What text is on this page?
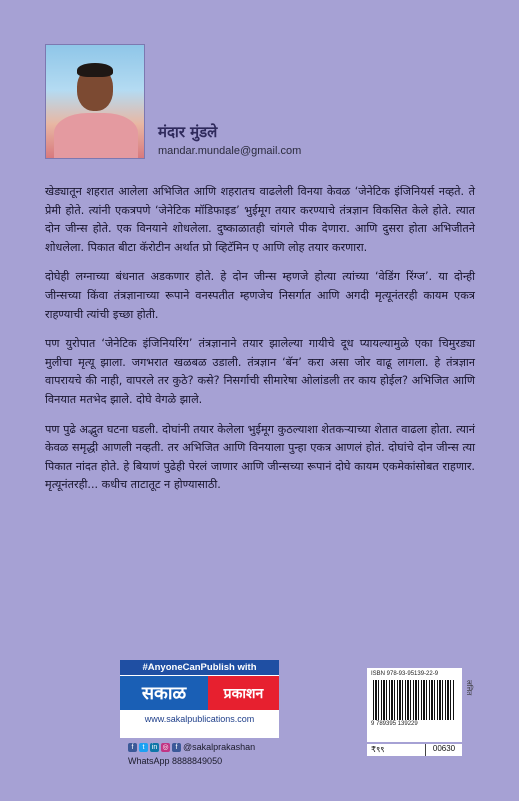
मंदार मुंडले
mandar.mundale@gmail.com

खेड्यातून शहरात आलेला अभिजित आणि शहरातच वाढलेली विनया केवळ ‘जेनेटिक इंजिनियर्स नव्हते. ते प्रेमी होते. त्यांनी एकत्रपणे ‘जेनेटिक मॉडिफाइड’ भुईमूग तयार करण्याचे तंत्रज्ञान विकसित केले होते. त्यात दोन जीन्स होते. एक विनयाने शोधलेला. दुष्काळातही चांगले पीक देणारा. आणि दुसरा होता अभिजीतने शोधलेला. पिकात बीटा कॅरोटीन अर्थात प्रो व्हिटॅमिन ए आणि लोह तयार करणारा.

दोघेही लग्नाच्या बंधनात अडकणार होते. हे दोन जीन्स म्हणजे होत्या त्यांच्या ‘वेडिंग रिंग्ज’. या दोन्ही जीन्सच्या किंवा तंत्रज्ञानाच्या रूपाने वनस्पतीत म्हणजेच निसर्गात आणि अगदी मृत्यूनंतरही कायम एकत्र राहण्याची त्यांची इच्छा होती.

पण युरोपात ‘जेनेटिक इंजिनियरिंग’ तंत्रज्ञानाने तयार झालेल्या गायीचे दूध प्यायल्यामुळे एका चिमुरड्या मुलीचा मृत्यू झाला. जगभरात खळबळ उडाली. तंत्रज्ञान ‘बॅन’ करा असा जोर वाढू लागला. हे तंत्रज्ञान वापरायचे की नाही, वापरले तर कुठे? कसे? निसर्गाची सीमारेषा ओलांडली तर काय होईल? अभिजित आणि विनयात मतभेद झाले. दोघे वेगळे झाले.

पण पुढे अद्भुत घटना घडली. दोघांनी तयार केलेला भुईमूग कुठल्याशा शेतकऱ्याच्या शेतात वाढला होता. त्यानं केवळ समृद्धी आणली नव्हती. तर अभिजित आणि विनयाला पुन्हा एकत्र आणलं होतं. दोघांचे दोन जीन्स त्या पिकात नांदत होते. हे बियाणं पुढेही पेरलं जाणार आणि जीन्सच्या रूपानं दोघे कायम एकमेकांसोबत राहणार. मृत्यूनंतरही... कधीच ताटातूट न होण्यासाठी.

#AnyoneCanPublish with
सकाळ	प्रकाशन
www.sakalpublications.com
f	t	in ◎ f @sakalprakashan
WhatsApp 8888849050
ISBN 978-93-95139-22-9
9 789395 139229
₹९९	00630
ललित
